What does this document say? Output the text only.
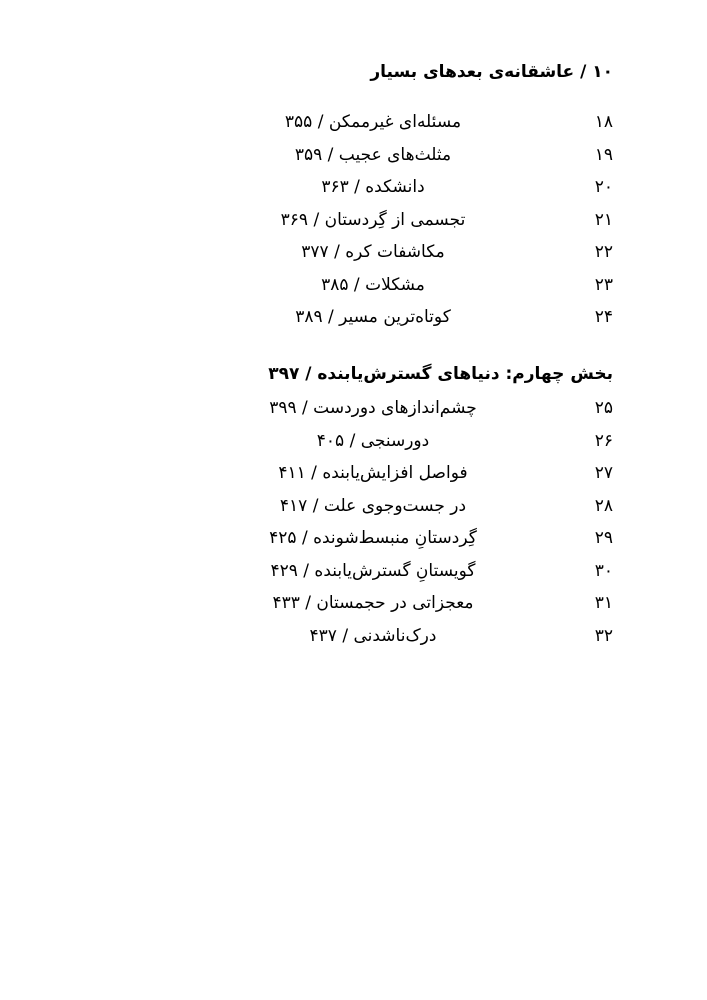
۱۰ / عاشقانه‌ی بعدهای بسیار
۱۸
مسئله‌ای غیرممکن / ۳۵۵
۱۹
مثلث‌های عجیب / ۳۵۹
۲۰
دانشکده / ۳۶۳
۲۱
تجسمی از گِردستان / ۳۶۹
۲۲
مکاشفات کره / ۳۷۷
۲۳
مشکلات / ۳۸۵
۲۴
کوتاه‌ترین مسیر / ۳۸۹
بخش چهارم: دنیاهای گسترش‌یابنده / ۳۹۷
۲۵
چشم‌اندازهای دوردست / ۳۹۹
۲۶
دورسنجی / ۴۰۵
۲۷
فواصل افزایش‌یابنده / ۴۱۱
۲۸
در جست‌وجوی علت / ۴۱۷
۲۹
گِردستانِ منبسط‌شونده / ۴۲۵
۳۰
گویستانِ گسترش‌یابنده / ۴۲۹
۳۱
معجزاتی در حجمستان / ۴۳۳
۳۲
درک‌ناشدنی / ۴۳۷
